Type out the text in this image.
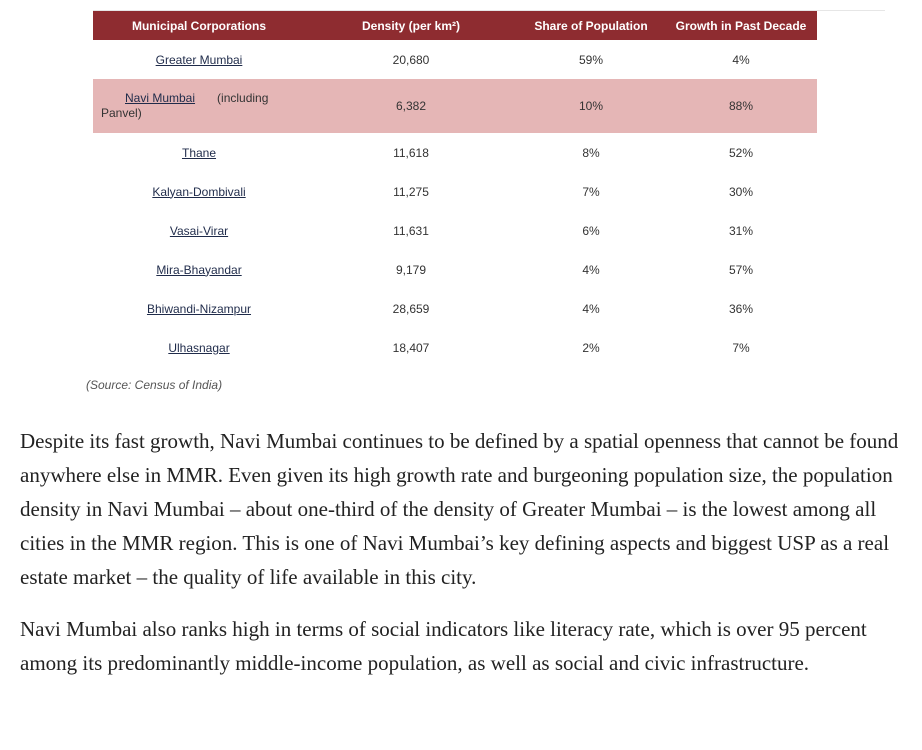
Municipal Corporations	Density (per km²)	Share of Population	Growth in Past Decade
Greater Mumbai	20,680	59%	4%

Navi Mumbai (including
Panvel)	6,382	10%	88%
Thane	11,618	8%	52%
Kalyan-Dombivali	11,275	7%	30%
Vasai-Virar	11,631	6%	31%
Mira-Bhayandar	9,179	4%	57%
Bhiwandi-Nizampur	28,659	4%	36%
Ulhasnagar	18,407	2%	7%
(Source: Census of India)

Despite its fast growth, Navi Mumbai continues to be defined by a spatial openness that cannot be found anywhere else in MMR. Even given its high growth rate and burgeoning population size, the population density in Navi Mumbai – about one-third of the density of Greater Mumbai – is the lowest among all cities in the MMR region. This is one of Navi Mumbai’s key defining aspects and biggest USP as a real estate market – the quality of life available in this city.

Navi Mumbai also ranks high in terms of social indicators like literacy rate, which is over 95 percent among its predominantly middle-income population, as well as social and civic infrastructure.
